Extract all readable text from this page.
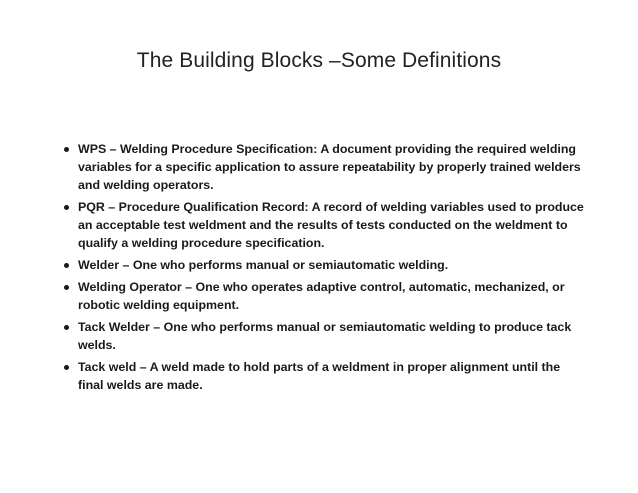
The Building Blocks –Some Definitions
WPS – Welding Procedure Specification: A document providing the required welding variables for a specific application to assure repeatability by properly trained welders and welding operators.
PQR – Procedure Qualification Record: A record of welding variables used to produce an acceptable test weldment and the results of tests conducted on the weldment to qualify a welding procedure specification.
Welder – One who performs manual or semiautomatic welding.
Welding Operator – One who operates adaptive control, automatic, mechanized, or robotic welding equipment.
Tack Welder – One who performs manual or semiautomatic welding to produce tack welds.
Tack weld – A weld made to hold parts of a weldment in proper alignment until the final welds are made.
